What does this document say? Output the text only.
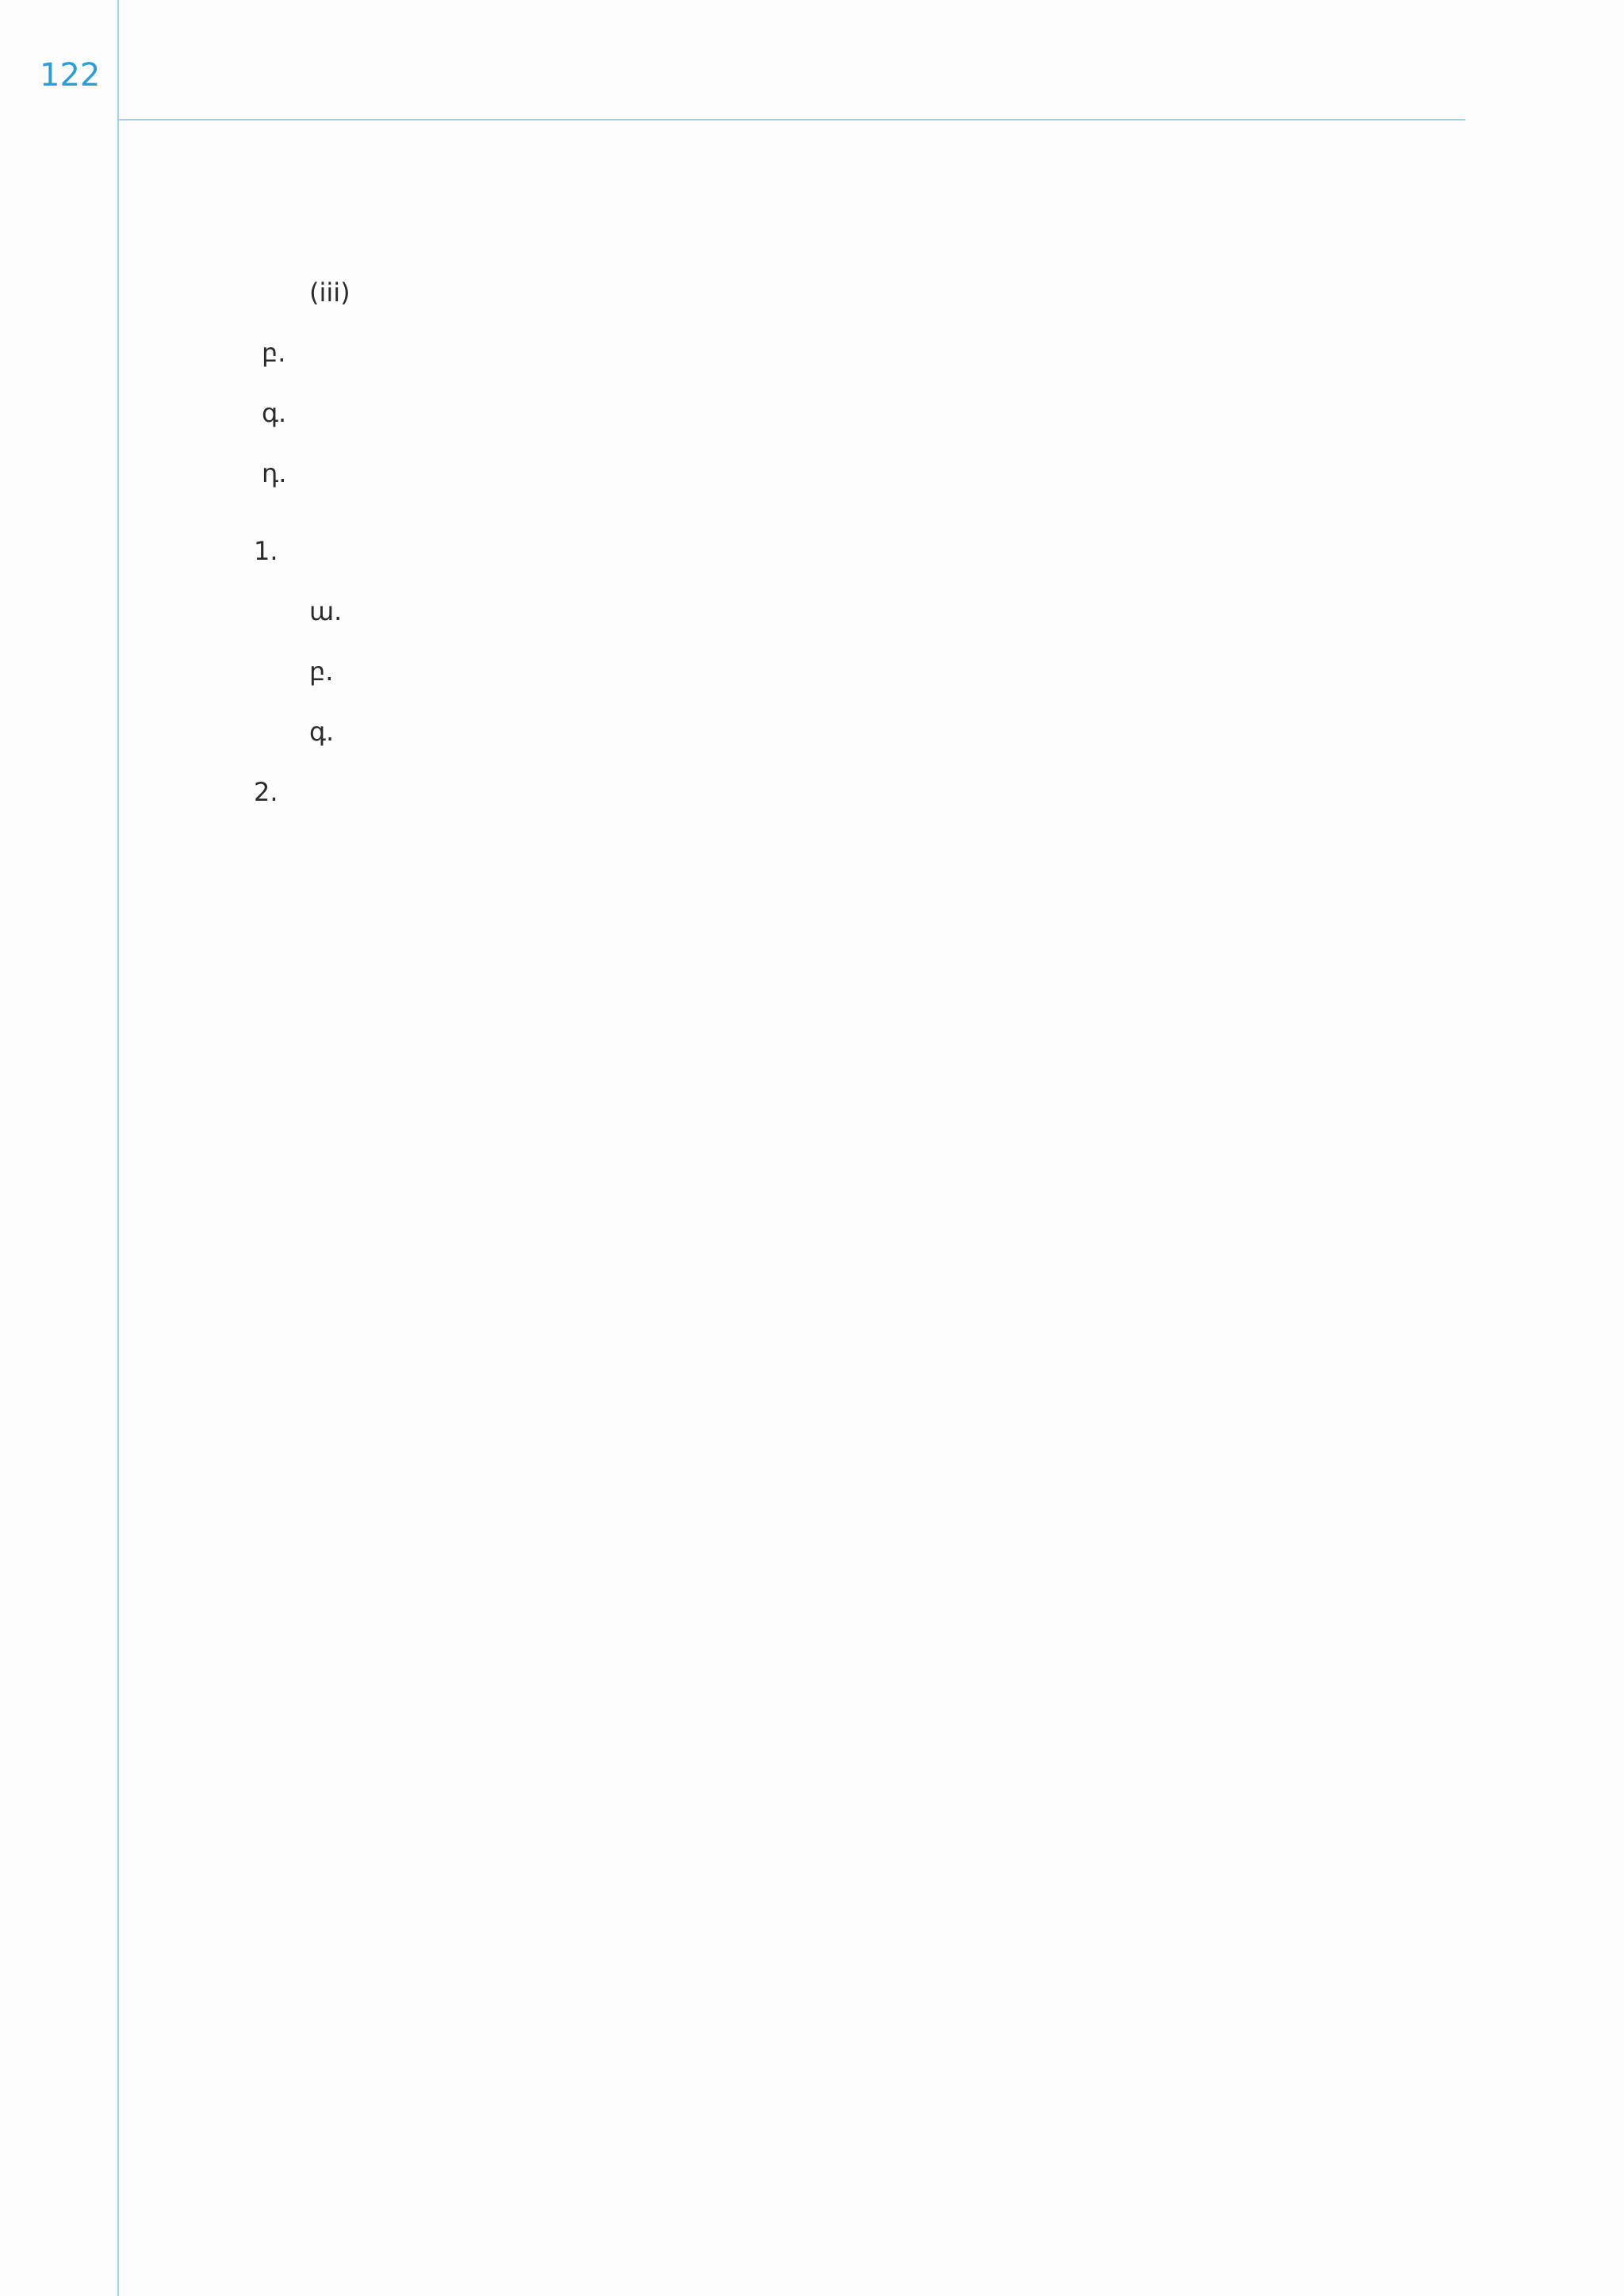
122
(iii)
բ.
գ.
դ.
1.
ա.
բ.
գ.
2.
